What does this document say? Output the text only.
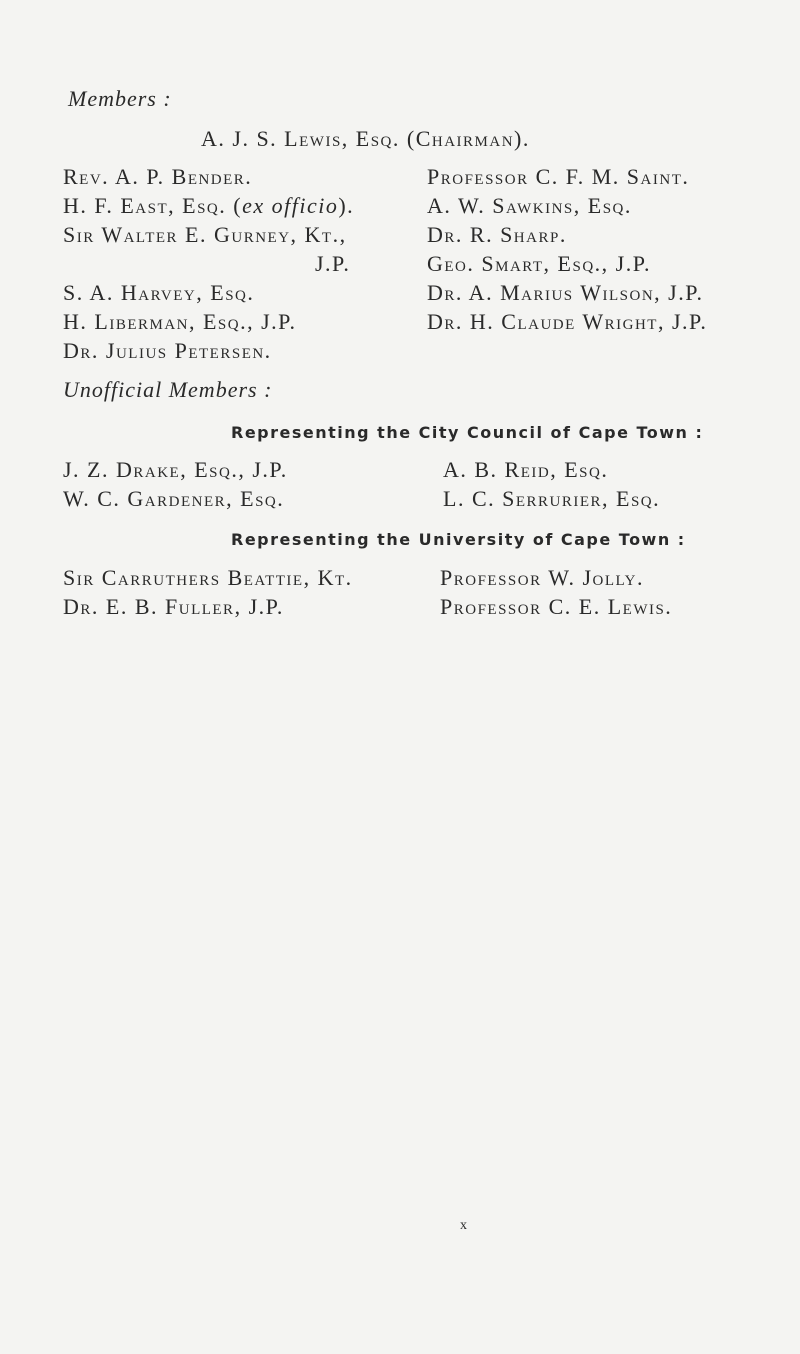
Members :
A. J. S. Lewis, Esq. (Chairman).
Rev. A. P. Bender.
H. F. East, Esq. (ex officio).
Sir Walter E. Gurney, Kt.,
J.P.
S. A. Harvey, Esq.
H. Liberman, Esq., J.P.
Dr. Julius Petersen.
Professor C. F. M. Saint.
A. W. Sawkins, Esq.
Dr. R. Sharp.
Geo. Smart, Esq., J.P.
Dr. A. Marius Wilson, J.P.
Dr. H. Claude Wright, J.P.
Unofficial Members :
Representing the City Council of Cape Town :
J. Z. Drake, Esq., J.P.
W. C. Gardener, Esq.
A. B. Reid, Esq.
L. C. Serrurier, Esq.
Representing the University of Cape Town :
Sir Carruthers Beattie, Kt.
Dr. E. B. Fuller, J.P.
Professor W. Jolly.
Professor C. E. Lewis.
x
